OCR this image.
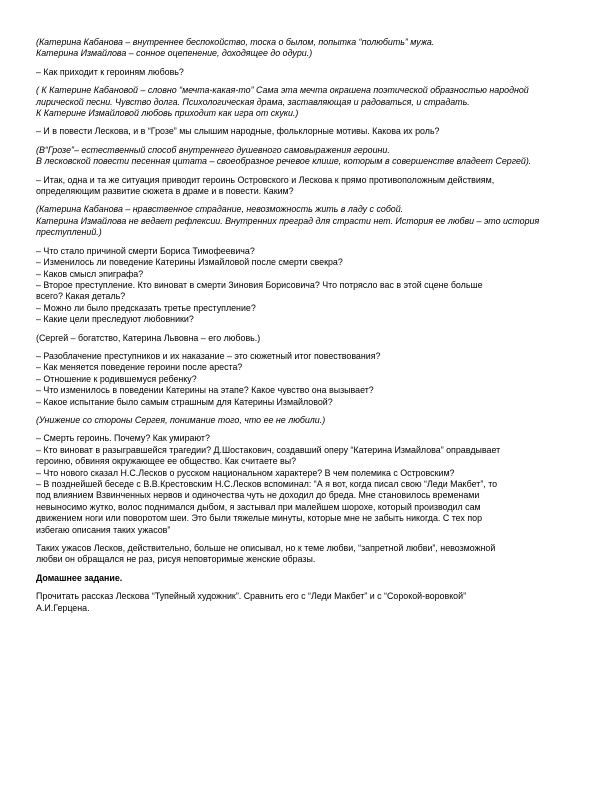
(Катерина Кабанова – внутреннее беспокойство, тоска о былом, попытка “полюбить” мужа.
Катерина Измайлова – сонное оцепенение, доходящее до одури.)
– Как приходит к героиням любовь?
( К Катерине Кабановой – словно “мечта-какая-то” Сама эта мечта окрашена поэтической образностью народной
лирической песни. Чувство долга. Психологическая драма, заставляющая и радоваться, и страдать.
К Катерине Измайловой любовь приходит как игра от скуки.)
– И в повести Лескова, и в “Грозе” мы слышим народные, фольклорные мотивы. Какова их роль?
(В“Грозе”– естественный способ внутреннего душевного самовыражения героини.
В лесковской повести песенная цитата – своеобразное речевое клише, которым в совершенстве владеет Сергей).
– Итак, одна и та же ситуация приводит героинь Островского и Лескова к прямо противоположным действиям,
определяющим развитие сюжета в драме и в повести. Каким?
(Катерина Кабанова – нравственное страдание, невозможность жить в ладу с собой.
Катерина Измайлова не ведает рефлексии. Внутренних преград для страсти нет. История ее любви – это история
преступлений.)
– Что стало причиной смерти Бориса Тимофеевича?
– Изменилось ли поведение Катерины Измайловой после смерти свекра?
– Каков смысл эпиграфа?
– Второе преступление. Кто виноват в смерти Зиновия Борисовича? Что потрясло вас в этой сцене больше
всего? Какая деталь?
– Можно ли было предсказать третье преступление?
– Какие цели преследуют любовники?
(Сергей – богатство, Катерина Львовна – его любовь.)
– Разоблачение преступников и их наказание – это сюжетный итог повествования?
– Как меняется поведение героини после ареста?
– Отношение к родившемуся ребенку?
– Что изменилось в поведении Катерины на этапе? Какое чувство она вызывает?
– Какое испытание было самым страшным для Катерины Измайловой?
(Унижение со стороны Сергея, понимание того, что ее не любили.)
– Смерть героинь. Почему? Как умирают?
– Кто виноват в разыгравшейся трагедии? Д.Шостакович, создавший оперу “Катерина Измайлова” оправдывает
героиню, обвиняя окружающее ее общество. Как считаете вы?
– Что нового сказал Н.С.Лесков о русском национальном характере? В чем полемика с Островским?
– В позднейшей беседе с В.В.Крестовским Н.С.Лесков вспоминал: “А я вот, когда писал свою “Леди Макбет”, то
под влиянием Взвинченных нервов и одиночества чуть не доходил до бреда. Мне становилось временами
невыносимо жутко, волос поднимался дыбом, я застывал при малейшем шорохе, который производил сам
движением ноги или поворотом шеи. Это были тяжелые минуты, которые мне не забыть никогда. С тех пор
избегаю описания таких ужасов”
Таких ужасов Лесков, действительно, больше не описывал, но к теме любви, “запретной любви”, невозможной
любви он обращался не раз, рисуя неповторимые женские образы.
Домашнее задание.
Прочитать рассказ Лескова “Тупейный художник”. Сравнить его с “Леди Макбет” и с “Сорокой-воровкой”
А.И.Герцена.
